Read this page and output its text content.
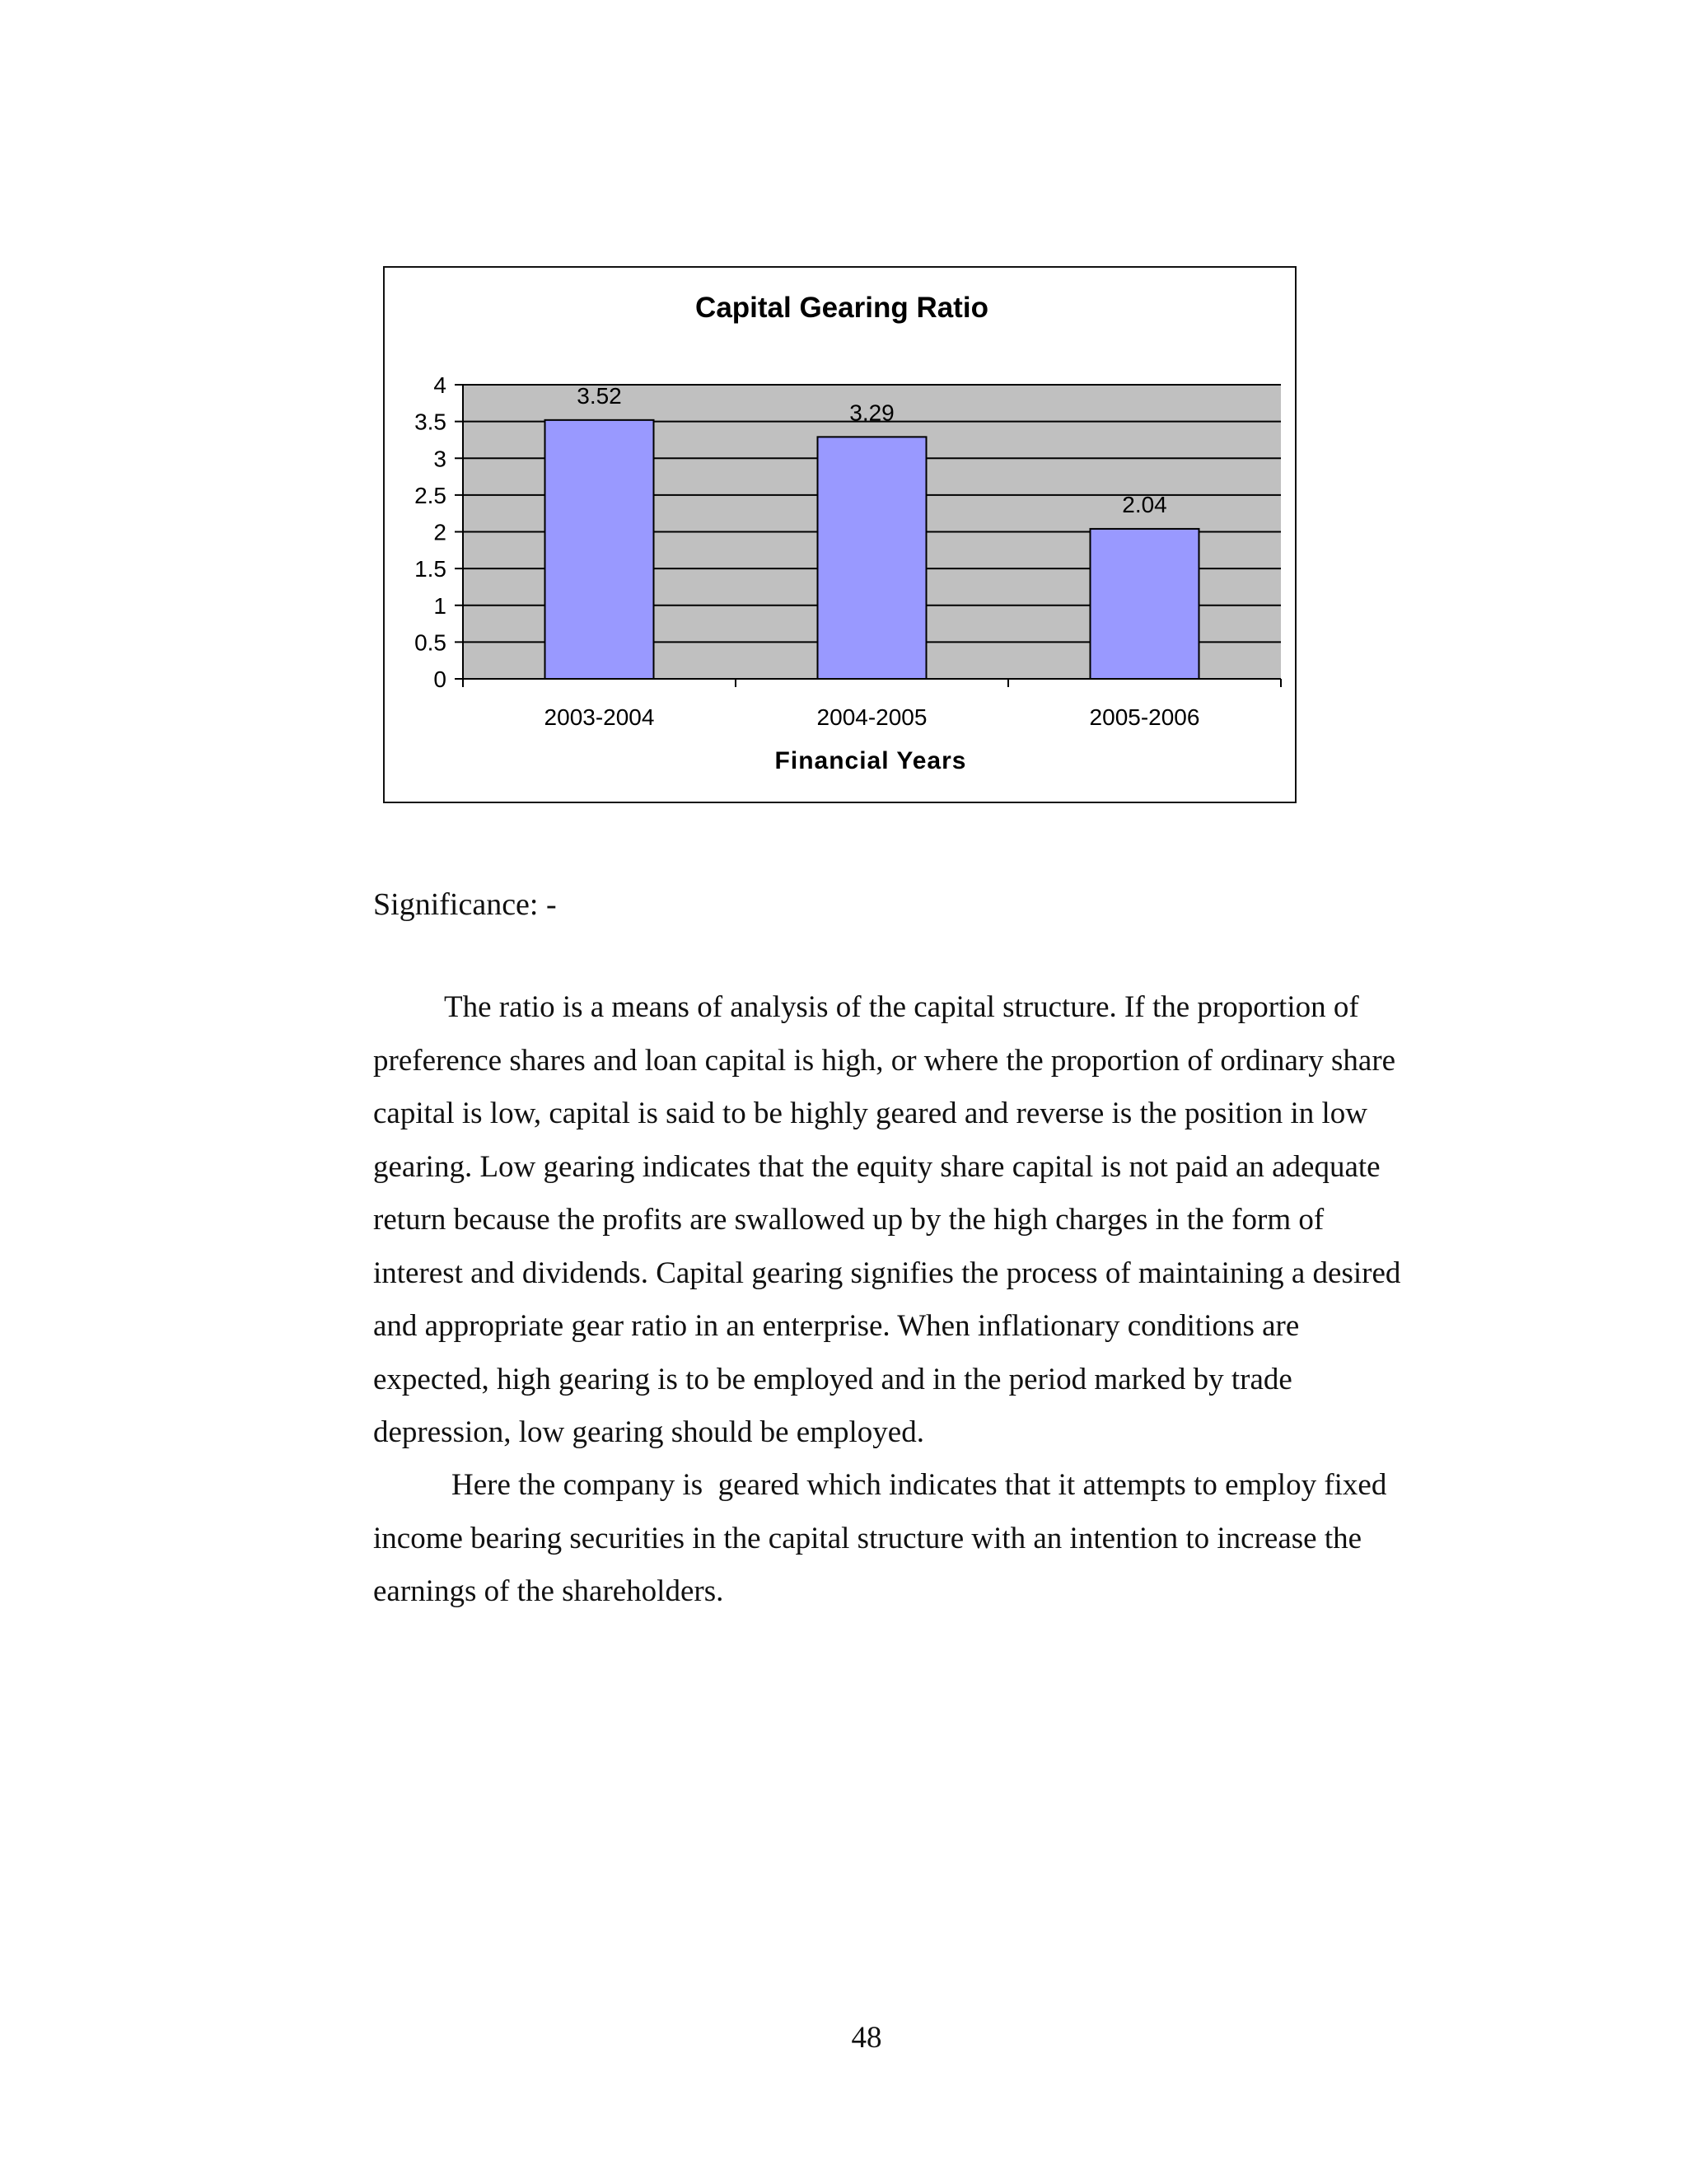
Capital Gearing Ratio
0
0.5
1
1.5
2
2.5
3
3.5
4
2003-2004	2004-2005	2005-2006
3.52
3.29
2.04
Financial Years
Significance: -

The ratio is a means of analysis of the capital structure. If the proportion of
preference shares and loan capital is high, or where the proportion of ordinary share
capital is low, capital is said to be highly geared and reverse is the position in low
gearing. Low gearing indicates that the equity share capital is not paid an adequate
return because the profits are swallowed up by the high charges in the form of
interest and dividends. Capital gearing signifies the process of maintaining a desired
and appropriate gear ratio in an enterprise. When inflationary conditions are
expected, high gearing is to be employed and in the period marked by trade
depression, low gearing should be employed.

Here the company is  geared which indicates that it attempts to employ fixed
income bearing securities in the capital structure with an intention to increase the
earnings of the shareholders.

48
